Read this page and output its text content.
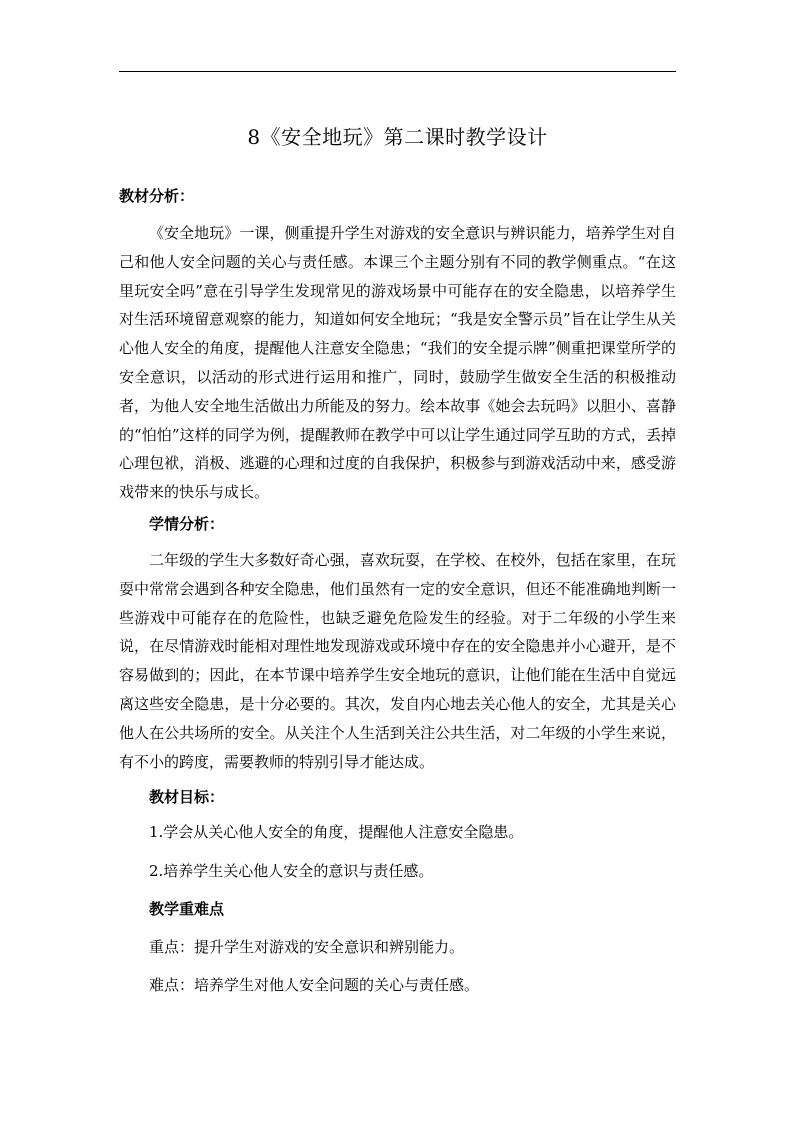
8《安全地玩》第二课时教学设计
教材分析：

《安全地玩》一课，侧重提升学生对游戏的安全意识与辨识能力，培养学生对自己和他人安全问题的关心与责任感。本课三个主题分别有不同的教学侧重点。“在这里玩安全吗”意在引导学生发现常见的游戏场景中可能存在的安全隐患，以培养学生对生活环境留意观察的能力，知道如何安全地玩；“我是安全警示员”旨在让学生从关心他人安全的角度，提醒他人注意安全隐患；“我们的安全提示牌”侧重把课堂所学的安全意识，以活动的形式进行运用和推广，同时，鼓励学生做安全生活的积极推动者，为他人安全地生活做出力所能及的努力。绘本故事《她会去玩吗》以胆小、喜静的“怕怕”这样的同学为例，提醒教师在教学中可以让学生通过同学互助的方式，丢掉心理包袱，消极、逃避的心理和过度的自我保护，积极参与到游戏活动中来，感受游戏带来的快乐与成长。

学情分析：

二年级的学生大多数好奇心强，喜欢玩耍，在学校、在校外，包括在家里，在玩耍中常常会遇到各种安全隐患，他们虽然有一定的安全意识，但还不能准确地判断一些游戏中可能存在的危险性，也缺乏避免危险发生的经验。对于二年级的小学生来说，在尽情游戏时能相对理性地发现游戏或环境中存在的安全隐患并小心避开，是不容易做到的；因此，在本节课中培养学生安全地玩的意识，让他们能在生活中自觉远离这些安全隐患，是十分必要的。其次，发自内心地去关心他人的安全，尤其是关心他人在公共场所的安全。从关注个人生活到关注公共生活，对二年级的小学生来说，有不小的跨度，需要教师的特别引导才能达成。

教材目标：
1.学会从关心他人安全的角度，提醒他人注意安全隐患。
2.培养学生关心他人安全的意识与责任感。
教学重难点
重点：提升学生对游戏的安全意识和辨别能力。
难点：培养学生对他人安全问题的关心与责任感。
